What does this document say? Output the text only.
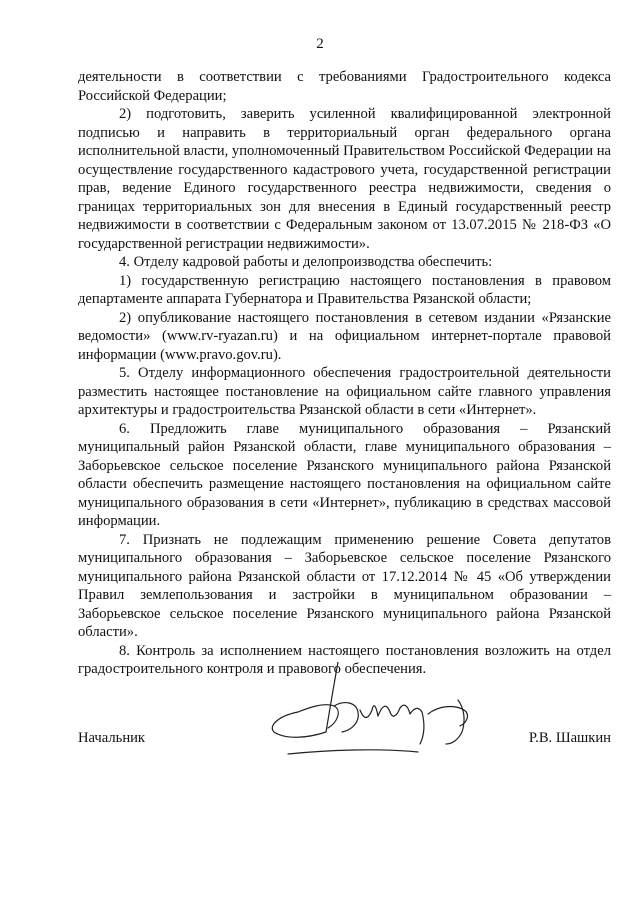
2

деятельности в соответствии с требованиями Градостроительного кодекса Российской Федерации;

2) подготовить, заверить усиленной квалифицированной электронной подписью и направить в территориальный орган федерального органа исполнительной власти, уполномоченный Правительством Российской Федерации на осуществление государственного кадастрового учета, государственной регистрации прав, ведение Единого государственного реестра недвижимости, сведения о границах территориальных зон для внесения в Единый государственный реестр недвижимости в соответствии с Федеральным законом от 13.07.2015 № 218-ФЗ «О государственной регистрации недвижимости».

4. Отделу кадровой работы и делопроизводства обеспечить:

1) государственную регистрацию настоящего постановления в правовом департаменте аппарата Губернатора и Правительства Рязанской области;

2) опубликование настоящего постановления в сетевом издании «Рязанские ведомости» (www.rv-ryazan.ru) и на официальном интернет-портале правовой информации (www.pravo.gov.ru).

5. Отделу информационного обеспечения градостроительной деятельности разместить настоящее постановление на официальном сайте главного управления архитектуры и градостроительства Рязанской области в сети «Интернет».

6. Предложить главе муниципального образования – Рязанский муниципальный район Рязанской области, главе муниципального образования – Заборьевское сельское поселение Рязанского муниципального района Рязанской области обеспечить размещение настоящего постановления на официальном сайте муниципального образования в сети «Интернет», публикацию в средствах массовой информации.

7. Признать не подлежащим применению решение Совета депутатов муниципального образования – Заборьевское сельское поселение Рязанского муниципального района Рязанской области от 17.12.2014 № 45 «Об утверждении Правил землепользования и застройки в муниципальном образовании – Заборьевское сельское поселение Рязанского муниципального района Рязанской области».

8. Контроль за исполнением настоящего постановления возложить на отдел градостроительного контроля и правового обеспечения.

Начальник	Р.В. Шашкин
